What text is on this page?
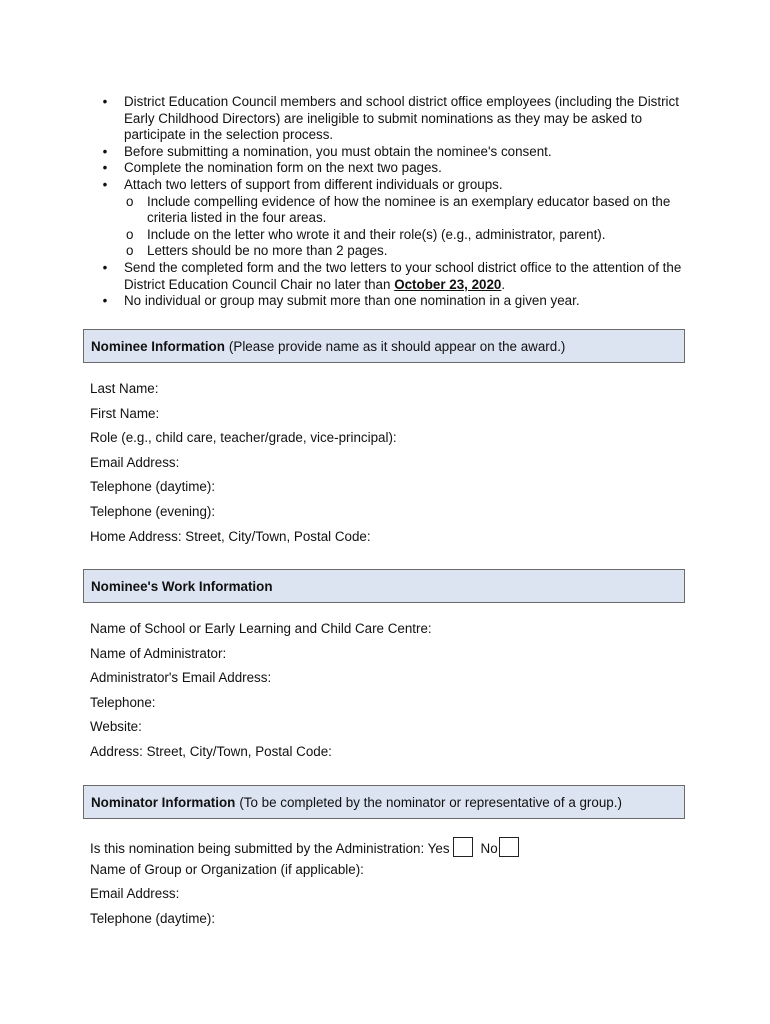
• District Education Council members and school district office employees (including the District Early Childhood Directors) are ineligible to submit nominations as they may be asked to participate in the selection process.
• Before submitting a nomination, you must obtain the nominee's consent.
• Complete the nomination form on the next two pages.
• Attach two letters of support from different individuals or groups.
o Include compelling evidence of how the nominee is an exemplary educator based on the criteria listed in the four areas.
o Include on the letter who wrote it and their role(s) (e.g., administrator, parent).
o Letters should be no more than 2 pages.
• Send the completed form and the two letters to your school district office to the attention of the District Education Council Chair no later than October 23, 2020.
• No individual or group may submit more than one nomination in a given year.
Nominee Information (Please provide name as it should appear on the award.)
Last Name:
First Name:
Role (e.g., child care, teacher/grade, vice-principal):
Email Address:
Telephone (daytime):
Telephone (evening):
Home Address: Street, City/Town, Postal Code:
Nominee's Work Information
Name of School or Early Learning and Child Care Centre:
Name of Administrator:
Administrator's Email Address:
Telephone:
Website:
Address: Street, City/Town, Postal Code:
Nominator Information (To be completed by the nominator or representative of a group.)
Is this nomination being submitted by the Administration: Yes No
Name of Group or Organization (if applicable):
Email Address:
Telephone (daytime):
